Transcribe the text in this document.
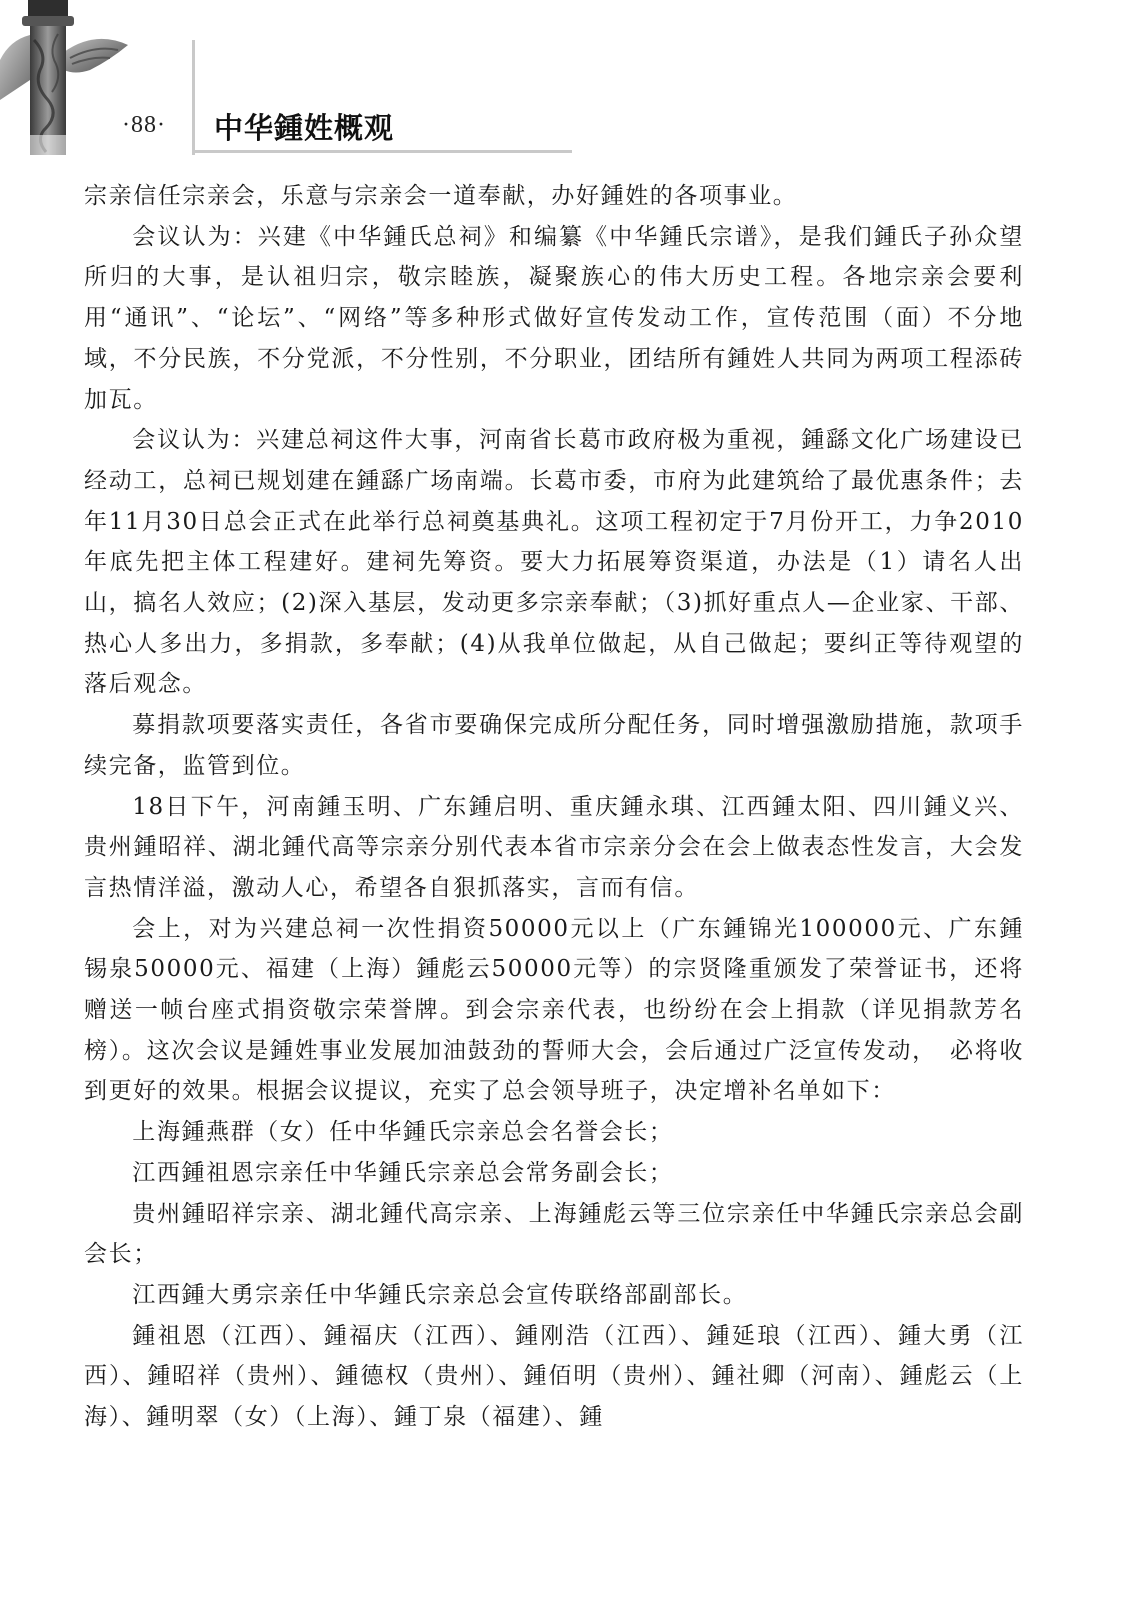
·88·	中华鍾姓概观

宗亲信任宗亲会，乐意与宗亲会一道奉献，办好鍾姓的各项事业。

会议认为：兴建《中华鍾氏总祠》和编纂《中华鍾氏宗谱》，是我们鍾氏子孙众望所归的大事，是认祖归宗，敬宗睦族，凝聚族心的伟大历史工程。各地宗亲会要利用“通讯”、“论坛”、“网络”等多种形式做好宣传发动工作，宣传范围（面）不分地域，不分民族，不分党派，不分性别，不分职业，团结所有鍾姓人共同为两项工程添砖加瓦。

会议认为：兴建总祠这件大事，河南省长葛市政府极为重视，鍾繇文化广场建设已经动工，总祠已规划建在鍾繇广场南端。长葛市委，市府为此建筑给了最优惠条件；去年11月30日总会正式在此举行总祠奠基典礼。这项工程初定于7月份开工，力争2010年底先把主体工程建好。建祠先筹资。要大力拓展筹资渠道，办法是（1）请名人出山，搞名人效应；(2)深入基层，发动更多宗亲奉献；（3)抓好重点人—企业家、干部、热心人多出力，多捐款，多奉献；(4)从我单位做起，从自己做起；要纠正等待观望的落后观念。

募捐款项要落实责任，各省市要确保完成所分配任务，同时增强激励措施，款项手续完备，监管到位。

18日下午，河南鍾玉明、广东鍾启明、重庆鍾永琪、江西鍾太阳、四川鍾义兴、贵州鍾昭祥、湖北鍾代高等宗亲分别代表本省市宗亲分会在会上做表态性发言，大会发言热情洋溢，激动人心，希望各自狠抓落实，言而有信。

会上，对为兴建总祠一次性捐资50000元以上（广东鍾锦光100000元、广东鍾锡泉50000元、福建（上海）鍾彪云50000元等）的宗贤隆重颁发了荣誉证书，还将赠送一帧台座式捐资敬宗荣誉牌。到会宗亲代表，也纷纷在会上捐款（详见捐款芳名榜）。这次会议是鍾姓事业发展加油鼓劲的誓师大会，会后通过广泛宣传发动，　必将收到更好的效果。根据会议提议，充实了总会领导班子，决定增补名单如下：

上海鍾燕群（女）任中华鍾氏宗亲总会名誉会长；

江西鍾祖恩宗亲任中华鍾氏宗亲总会常务副会长；

贵州鍾昭祥宗亲、湖北鍾代高宗亲、上海鍾彪云等三位宗亲任中华鍾氏宗亲总会副会长；

江西鍾大勇宗亲任中华鍾氏宗亲总会宣传联络部副部长。

鍾祖恩（江西）、鍾福庆（江西）、鍾刚浩（江西）、鍾延琅（江西）、鍾大勇（江西）、鍾昭祥（贵州）、鍾德权（贵州）、鍾佰明（贵州）、鍾社卿（河南）、鍾彪云（上海）、鍾明翠（女）（上海）、鍾丁泉（福建）、鍾
